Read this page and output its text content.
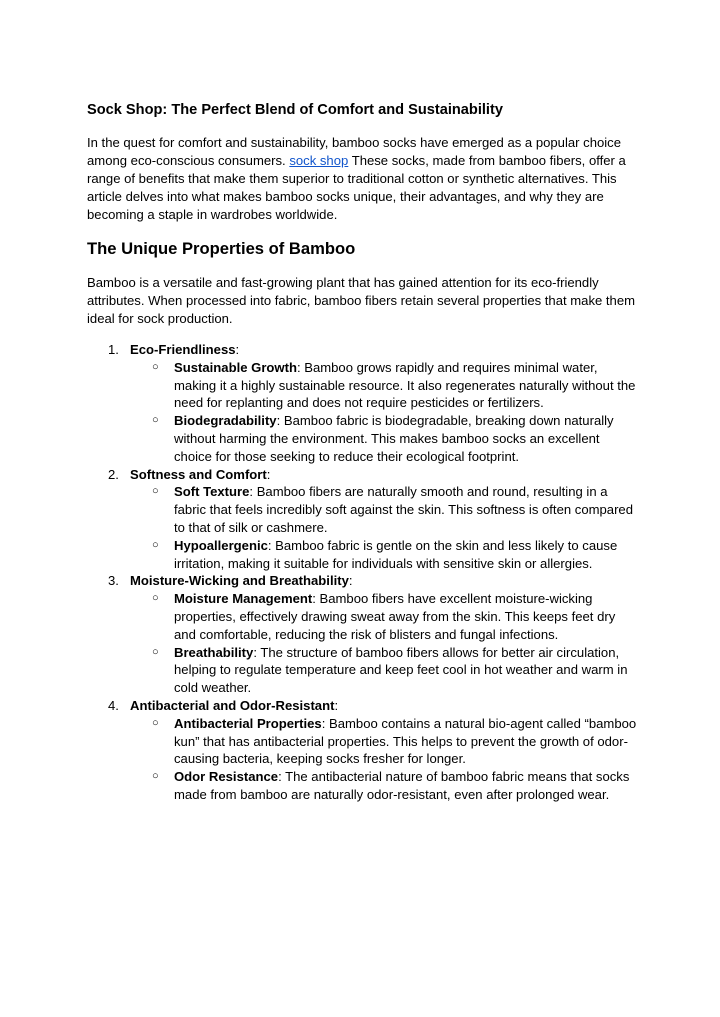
Sock Shop: The Perfect Blend of Comfort and Sustainability

In the quest for comfort and sustainability, bamboo socks have emerged as a popular choice among eco-conscious consumers. sock shop These socks, made from bamboo fibers, offer a range of benefits that make them superior to traditional cotton or synthetic alternatives. This article delves into what makes bamboo socks unique, their advantages, and why they are becoming a staple in wardrobes worldwide.

The Unique Properties of Bamboo

Bamboo is a versatile and fast-growing plant that has gained attention for its eco-friendly attributes. When processed into fabric, bamboo fibers retain several properties that make them ideal for sock production.

1. Eco-Friendliness:
○ Sustainable Growth: Bamboo grows rapidly and requires minimal water, making it a highly sustainable resource. It also regenerates naturally without the need for replanting and does not require pesticides or fertilizers.
○ Biodegradability: Bamboo fabric is biodegradable, breaking down naturally without harming the environment. This makes bamboo socks an excellent choice for those seeking to reduce their ecological footprint.
2. Softness and Comfort:
○ Soft Texture: Bamboo fibers are naturally smooth and round, resulting in a fabric that feels incredibly soft against the skin. This softness is often compared to that of silk or cashmere.
○ Hypoallergenic: Bamboo fabric is gentle on the skin and less likely to cause irritation, making it suitable for individuals with sensitive skin or allergies.
3. Moisture-Wicking and Breathability:
○ Moisture Management: Bamboo fibers have excellent moisture-wicking properties, effectively drawing sweat away from the skin. This keeps feet dry and comfortable, reducing the risk of blisters and fungal infections.
○ Breathability: The structure of bamboo fibers allows for better air circulation, helping to regulate temperature and keep feet cool in hot weather and warm in cold weather.
4. Antibacterial and Odor-Resistant:
○ Antibacterial Properties: Bamboo contains a natural bio-agent called “bamboo kun” that has antibacterial properties. This helps to prevent the growth of odor-causing bacteria, keeping socks fresher for longer.
○ Odor Resistance: The antibacterial nature of bamboo fabric means that socks made from bamboo are naturally odor-resistant, even after prolonged wear.
